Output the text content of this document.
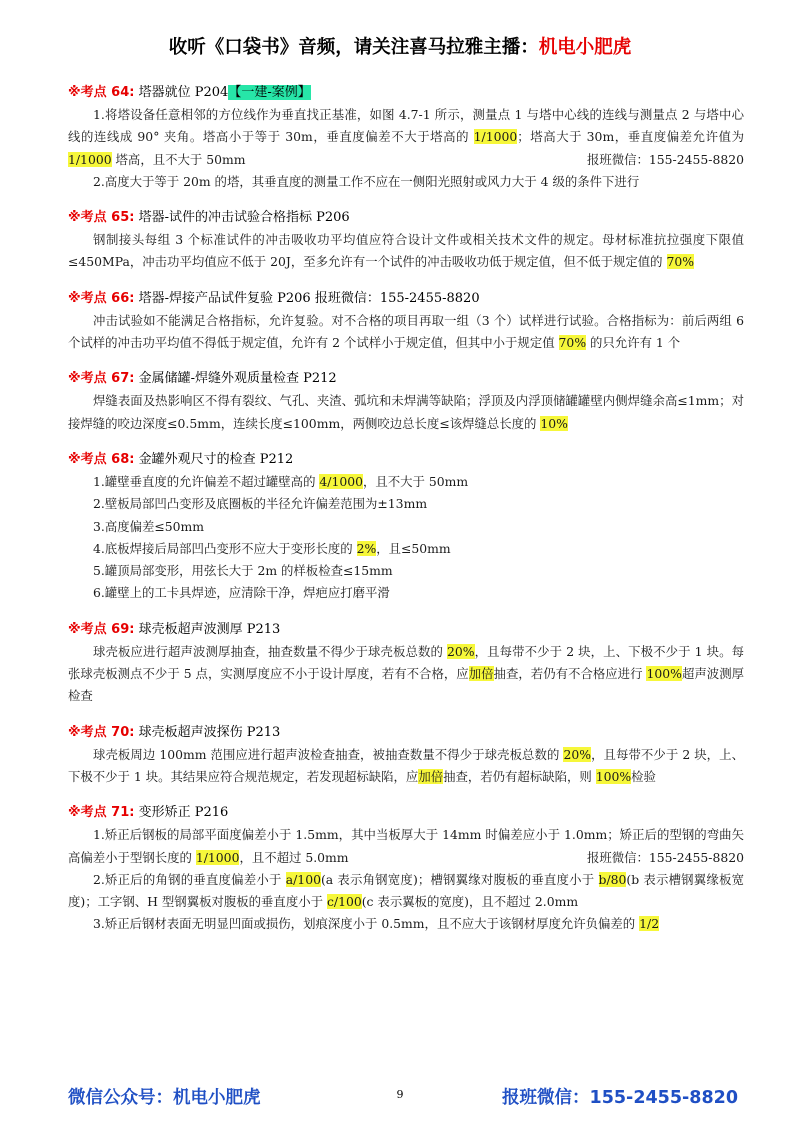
收听《口袋书》音频，请关注喜马拉雅主播：机电小肥虎
※考点 64: 塔器就位 P204【一建-案例】

1.将塔设备任意相邻的方位线作为垂直找正基准，如图 4.7-1 所示，测量点 1 与塔中心线的连线与测量点 2 与塔中心线的连线成 90° 夹角。塔高小于等于 30m，垂直度偏差不大于塔高的 1/1000；塔高大于 30m，垂直度偏差允许值为 1/1000 塔高，且不大于 50mm	报班微信：155-2455-8820

2.高度大于等于 20m 的塔，其垂直度的测量工作不应在一侧阳光照射或风力大于 4 级的条件下进行

※考点 65: 塔器-试件的冲击试验合格指标 P206

钢制接头每组 3 个标准试件的冲击吸收功平均值应符合设计文件或相关技术文件的规定。母材标准抗拉强度下限值≤450MPa，冲击功平均值应不低于 20J，至多允许有一个试件的冲击吸收功低于规定值，但不低于规定值的 70%

※考点 66: 塔器-焊接产品试件复验 P206 报班微信：155-2455-8820

冲击试验如不能满足合格指标，允许复验。对不合格的项目再取一组（3 个）试样进行试验。合格指标为：前后两组 6 个试样的冲击功平均值不得低于规定值，允许有 2 个试样小于规定值，但其中小于规定值 70% 的只允许有 1 个

※考点 67: 金属储罐-焊缝外观质量检查 P212

焊缝表面及热影响区不得有裂纹、气孔、夹渣、弧坑和未焊满等缺陷；浮顶及内浮顶储罐罐壁内侧焊缝余高≤1mm；对接焊缝的咬边深度≤0.5mm，连续长度≤100mm，两侧咬边总长度≤该焊缝总长度的 10%

※考点 68: 金罐外观尺寸的检查 P212

1.罐壁垂直度的允许偏差不超过罐壁高的 4/1000，且不大于 50mm

2.壁板局部凹凸变形及底圈板的半径允许偏差范围为±13mm

3.高度偏差≤50mm

4.底板焊接后局部凹凸变形不应大于变形长度的 2%，且≤50mm

5.罐顶局部变形，用弦长大于 2m 的样板检查≤15mm

6.罐壁上的工卡具焊迹，应清除干净，焊疤应打磨平滑

※考点 69: 球壳板超声波测厚 P213

球壳板应进行超声波测厚抽查，抽查数量不得少于球壳板总数的 20%，且每带不少于 2 块，上、下极不少于 1 块。每张球壳板测点不少于 5 点，实测厚度应不小于设计厚度，若有不合格，应加倍抽查，若仍有不合格应进行 100%超声波测厚检查

※考点 70: 球壳板超声波探伤 P213

球壳板周边 100mm 范围应进行超声波检查抽查，被抽查数量不得少于球壳板总数的 20%，且每带不少于 2 块，上、下极不少于 1 块。其结果应符合规范规定，若发现超标缺陷，应加倍抽查，若仍有超标缺陷，则 100%检验

※考点 71: 变形矫正 P216

1.矫正后钢板的局部平面度偏差小于 1.5mm，其中当板厚大于 14mm 时偏差应小于 1.0mm；矫正后的型钢的弯曲矢高偏差小于型钢长度的 1/1000，且不超过 5.0mm	报班微信：155-2455-8820

2.矫正后的角钢的垂直度偏差小于 a/100(a 表示角钢宽度)；槽钢翼缘对腹板的垂直度小于 b/80(b 表示槽钢翼缘板宽度)；工字钢、H 型钢翼板对腹板的垂直度小于 c/100(c 表示翼板的宽度)，且不超过 2.0mm

3.矫正后钢材表面无明显凹面或损伤，划痕深度小于 0.5mm，且不应大于该钢材厚度允许负偏差的 1/2

微信公众号：机电小肥虎	9	报班微信：155-2455-8820
